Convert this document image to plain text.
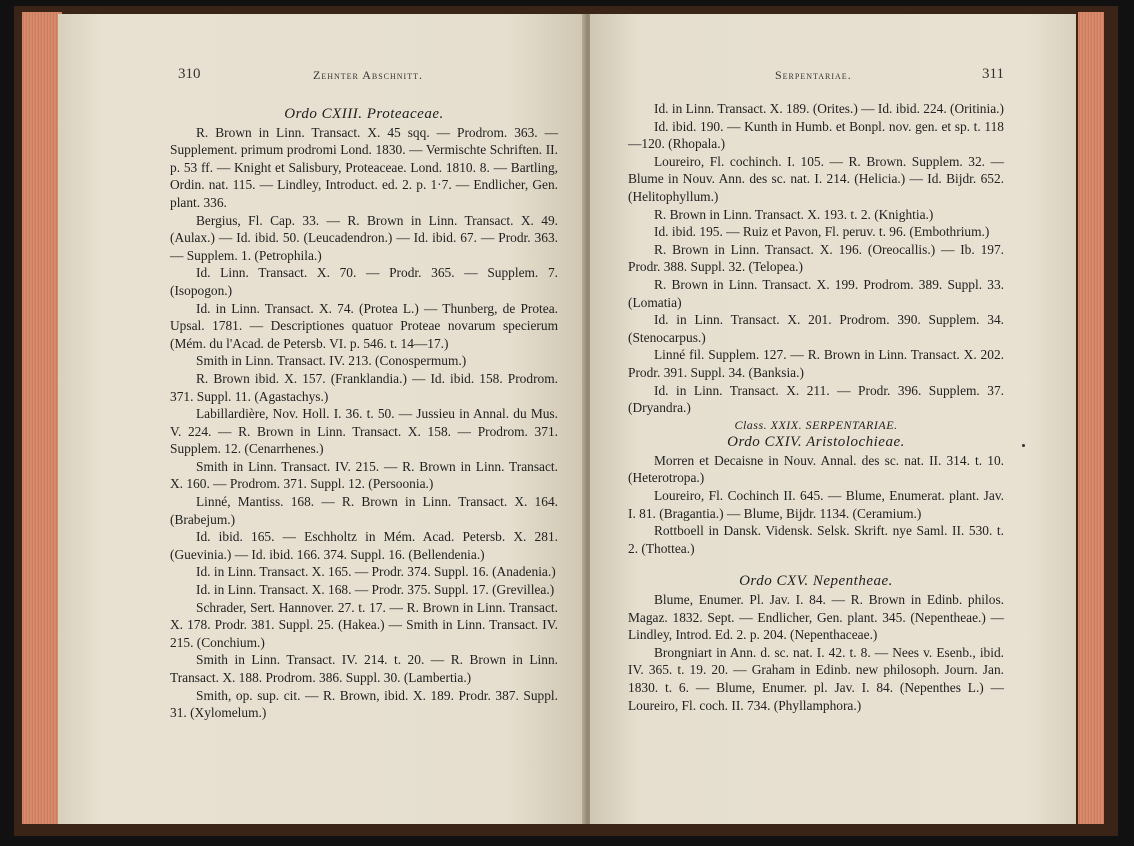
310	Zehnter Abschnitt.

Ordo CXIII. Proteaceae.

R. Brown in Linn. Transact. X. 45 sqq. — Prodrom. 363. — Supplement. primum prodromi Lond. 1830. — Vermischte Schriften. II. p. 53 ff. — Knight et Salisbury, Proteaceae. Lond. 1810. 8. — Bartling, Ordin. nat. 115. — Lindley, Introduct. ed. 2. p. 1·7. — Endlicher, Gen. plant. 336.

Bergius, Fl. Cap. 33. — R. Brown in Linn. Transact. X. 49. (Aulax.) — Id. ibid. 50. (Leucadendron.) — Id. ibid. 67. — Prodr. 363. — Supplem. 1. (Petrophila.)

Id. Linn. Transact. X. 70. — Prodr. 365. — Supplem. 7. (Isopogon.)

Id. in Linn. Transact. X. 74. (Protea L.) — Thunberg, de Protea. Upsal. 1781. — Descriptiones quatuor Proteae novarum specierum (Mém. du l'Acad. de Petersb. VI. p. 546. t. 14—17.)

Smith in Linn. Transact. IV. 213. (Conospermum.)

R. Brown ibid. X. 157. (Franklandia.) — Id. ibid. 158. Prodrom. 371. Suppl. 11. (Agastachys.)

Labillardière, Nov. Holl. I. 36. t. 50. — Jussieu in Annal. du Mus. V. 224. — R. Brown in Linn. Transact. X. 158. — Prodrom. 371. Supplem. 12. (Cenarrhenes.)

Smith in Linn. Transact. IV. 215. — R. Brown in Linn. Transact. X. 160. — Prodrom. 371. Suppl. 12. (Persoonia.)

Linné, Mantiss. 168. — R. Brown in Linn. Transact. X. 164. (Brabejum.)

Id. ibid. 165. — Eschholtz in Mém. Acad. Petersb. X. 281. (Guevinia.) — Id. ibid. 166. 374. Suppl. 16. (Bellendenia.)

Id. in Linn. Transact. X. 165. — Prodr. 374. Suppl. 16. (Anadenia.)

Id. in Linn. Transact. X. 168. — Prodr. 375. Suppl. 17. (Grevillea.)

Schrader, Sert. Hannover. 27. t. 17. — R. Brown in Linn. Transact. X. 178. Prodr. 381. Suppl. 25. (Hakea.) — Smith in Linn. Transact. IV. 215. (Conchium.)

Smith in Linn. Transact. IV. 214. t. 20. — R. Brown in Linn. Transact. X. 188. Prodrom. 386. Suppl. 30. (Lambertia.)

Smith, op. sup. cit. — R. Brown, ibid. X. 189. Prodr. 387. Suppl. 31. (Xylomelum.)

Serpentariae.	311

Id. in Linn. Transact. X. 189. (Orites.) — Id. ibid. 224. (Oritinia.)

Id. ibid. 190. — Kunth in Humb. et Bonpl. nov. gen. et sp. t. 118—120. (Rhopala.)

Loureiro, Fl. cochinch. I. 105. — R. Brown. Supplem. 32. — Blume in Nouv. Ann. des sc. nat. I. 214. (Helicia.) — Id. Bijdr. 652. (Helitophyllum.)

R. Brown in Linn. Transact. X. 193. t. 2. (Knightia.)

Id. ibid. 195. — Ruiz et Pavon, Fl. peruv. t. 96. (Embothrium.)

R. Brown in Linn. Transact. X. 196. (Oreocallis.) — Ib. 197. Prodr. 388. Suppl. 32. (Telopea.)

R. Brown in Linn. Transact. X. 199. Prodrom. 389. Suppl. 33. (Lomatia)

Id. in Linn. Transact. X. 201. Prodrom. 390. Supplem. 34. (Stenocarpus.)

Linné fil. Supplem. 127. — R. Brown in Linn. Transact. X. 202. Prodr. 391. Suppl. 34. (Banksia.)

Id. in Linn. Transact. X. 211. — Prodr. 396. Supplem. 37. (Dryandra.)

Class. XXIX. SERPENTARIAE.

Ordo CXIV. Aristolochieae.

Morren et Decaisne in Nouv. Annal. des sc. nat. II. 314. t. 10. (Heterotropa.)

Loureiro, Fl. Cochinch II. 645. — Blume, Enumerat. plant. Jav. I. 81. (Bragantia.) — Blume, Bijdr. 1134. (Ceramium.)

Rottboell in Dansk. Vidensk. Selsk. Skrift. nye Saml. II. 530. t. 2. (Thottea.)

Ordo CXV. Nepentheae.

Blume, Enumer. Pl. Jav. I. 84. — R. Brown in Edinb. philos. Magaz. 1832. Sept. — Endlicher, Gen. plant. 345. (Nepentheae.) — Lindley, Introd. Ed. 2. p. 204. (Nepenthaceae.)

Brongniart in Ann. d. sc. nat. I. 42. t. 8. — Nees v. Esenb., ibid. IV. 365. t. 19. 20. — Graham in Edinb. new philosoph. Journ. Jan. 1830. t. 6. — Blume, Enumer. pl. Jav. I. 84. (Nepenthes L.) — Loureiro, Fl. coch. II. 734. (Phyllamphora.)
